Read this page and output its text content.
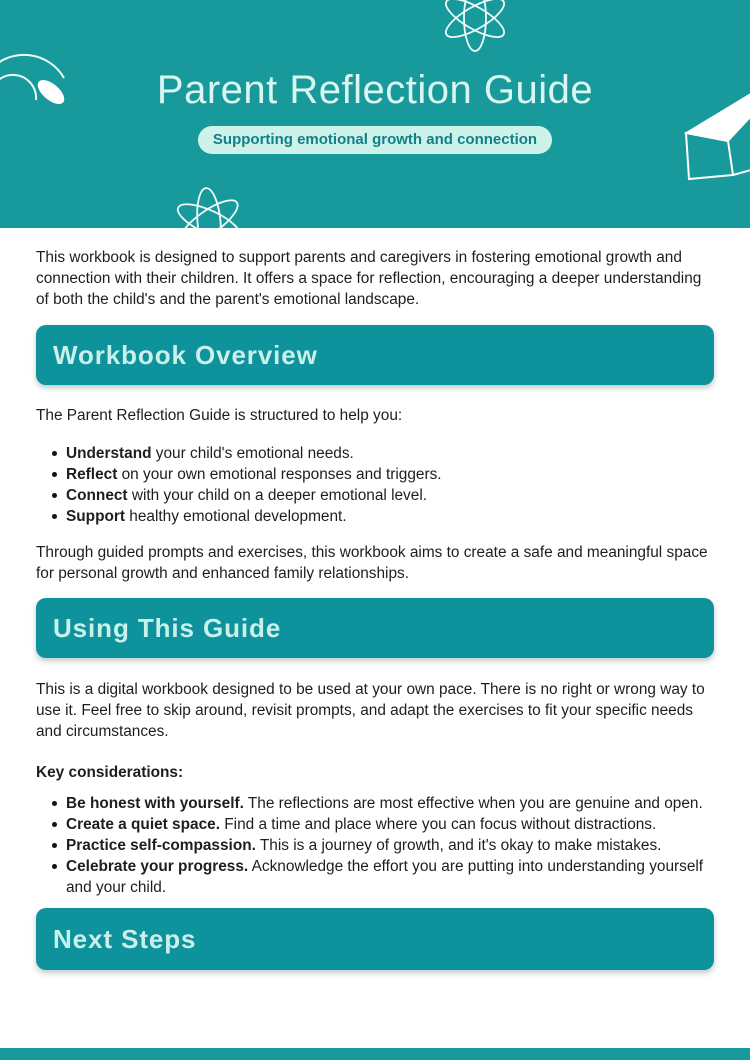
Parent Reflection Guide
Supporting emotional growth and connection

This workbook is designed to support parents and caregivers in fostering emotional growth and connection with their children. It offers a space for reflection, encouraging a deeper understanding of both the child's and the parent's emotional landscape.

Workbook Overview

The Parent Reflection Guide is structured to help you:

Understand your child's emotional needs.
Reflect on your own emotional responses and triggers.
Connect with your child on a deeper emotional level.
Support healthy emotional development.

Through guided prompts and exercises, this workbook aims to create a safe and meaningful space for personal growth and enhanced family relationships.

Using This Guide

This is a digital workbook designed to be used at your own pace. There is no right or wrong way to use it. Feel free to skip around, revisit prompts, and adapt the exercises to fit your specific needs and circumstances.

Key considerations:

Be honest with yourself. The reflections are most effective when you are genuine and open.
Create a quiet space. Find a time and place where you can focus without distractions.
Practice self-compassion. This is a journey of growth, and it's okay to make mistakes.
Celebrate your progress. Acknowledge the effort you are putting into understanding yourself and your child.
Next Steps
